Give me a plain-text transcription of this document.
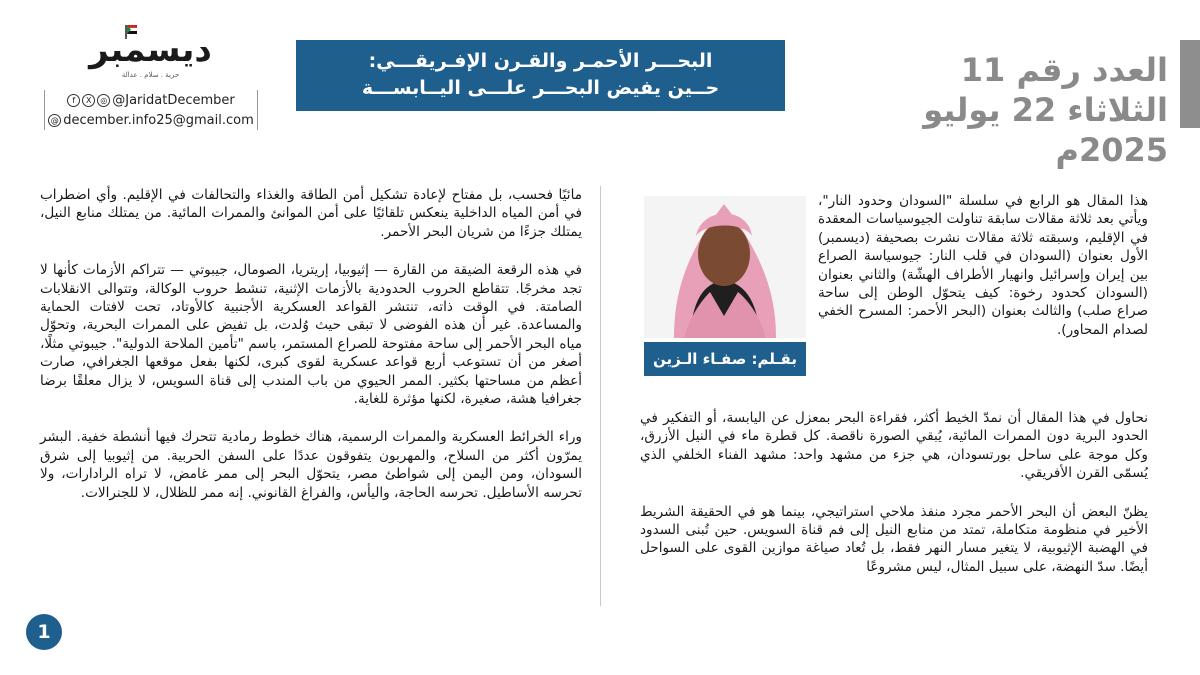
العدد رقم 11
الثلاثاء 22 يوليو 2025م
البحـــر الأحمـر والقـرن الإفـريقـــي:
حــين يفيض البحـــر علـــى اليــابســـة
ديسمبر
حرية . سلام . عدالة
f	X	◎ @JaridatDecember
@ december.info25@gmail.com
بقـلم: صفـاء الـزين

هذا المقال هو الرابع في سلسلة "السودان وحدود النار"، ويأتي بعد ثلاثة مقالات سابقة تناولت الجيوسياسات المعقدة في الإقليم، وسبقته ثلاثة مقالات نشرت بصحيفة (ديسمبر) الأول بعنوان (السودان في قلب النار: جيوسياسة الصراع بين إيران وإسرائيل وانهيار الأطراف الهشّة) والثاني بعنوان (السودان كحدود رخوة: كيف يتحوّل الوطن إلى ساحة صراع صلب) والثالث بعنوان (البحر الأحمر: المسرح الخفي لصدام المحاور).

نحاول في هذا المقال أن نمدّ الخيط أكثر، فقراءة البحر بمعزل عن اليابسة، أو التفكير في الحدود البرية دون الممرات المائية، يُبقي الصورة ناقصة. كل قطرة ماء في النيل الأزرق، وكل موجة على ساحل بورتسودان، هي جزء من مشهد واحد: مشهد الفناء الخلفي الذي يُسمّى القرن الأفريقي.

يظنّ البعض أن البحر الأحمر مجرد منفذ ملاحي استراتيجي، بينما هو في الحقيقة الشريط الأخير في منظومة متكاملة، تمتد من منابع النيل إلى فم قناة السويس. حين تُبنى السدود في الهضبة الإثيوبية، لا يتغير مسار النهر فقط، بل تُعاد صياغة موازين القوى على السواحل أيضًا. سدّ النهضة، على سبيل المثال، ليس مشروعًا

مائيًا فحسب، بل مفتاح لإعادة تشكيل أمن الطاقة والغذاء والتحالفات في الإقليم. وأي اضطراب في أمن المياه الداخلية ينعكس تلقائيًا على أمن الموانئ والممرات المائية. من يمتلك منابع النيل، يمتلك جزءًا من شريان البحر الأحمر.

في هذه الرقعة الضيقة من القارة — إثيوبيا، إريتريا، الصومال، جيبوتي — تتراكم الأزمات كأنها لا تجد مخرجًا. تتقاطع الحروب الحدودية بالأزمات الإثنية، تنشط حروب الوكالة، وتتوالى الانقلابات الصامتة. في الوقت ذاته، تنتشر القواعد العسكرية الأجنبية كالأوتاد، تحت لافتات الحماية والمساعدة. غير أن هذه الفوضى لا تبقى حيث وُلدت، بل تفيض على الممرات البحرية، وتحوّل مياه البحر الأحمر إلى ساحة مفتوحة للصراع المستمر، باسم "تأمين الملاحة الدولية". جيبوتي مثلًا، أصغر من أن تستوعب أربع قواعد عسكرية لقوى كبرى، لكنها بفعل موقعها الجغرافي، صارت أعظم من مساحتها بكثير. الممر الحيوي من باب المندب إلى قناة السويس، لا يزال معلقًا برضا جغرافيا هشة، صغيرة، لكنها مؤثرة للغاية.

وراء الخرائط العسكرية والممرات الرسمية، هناك خطوط رمادية تتحرك فيها أنشطة خفية. البشر يمرّون أكثر من السلاح، والمهربون يتفوقون عددًا على السفن الحربية. من إثيوبيا إلى شرق السودان، ومن اليمن إلى شواطئ مصر، يتحوّل البحر إلى ممر غامض، لا تراه الرادارات، ولا تحرسه الأساطيل. تحرسه الحاجة، واليأس، والفراغ القانوني. إنه ممر للظلال، لا للجنرالات.

1
